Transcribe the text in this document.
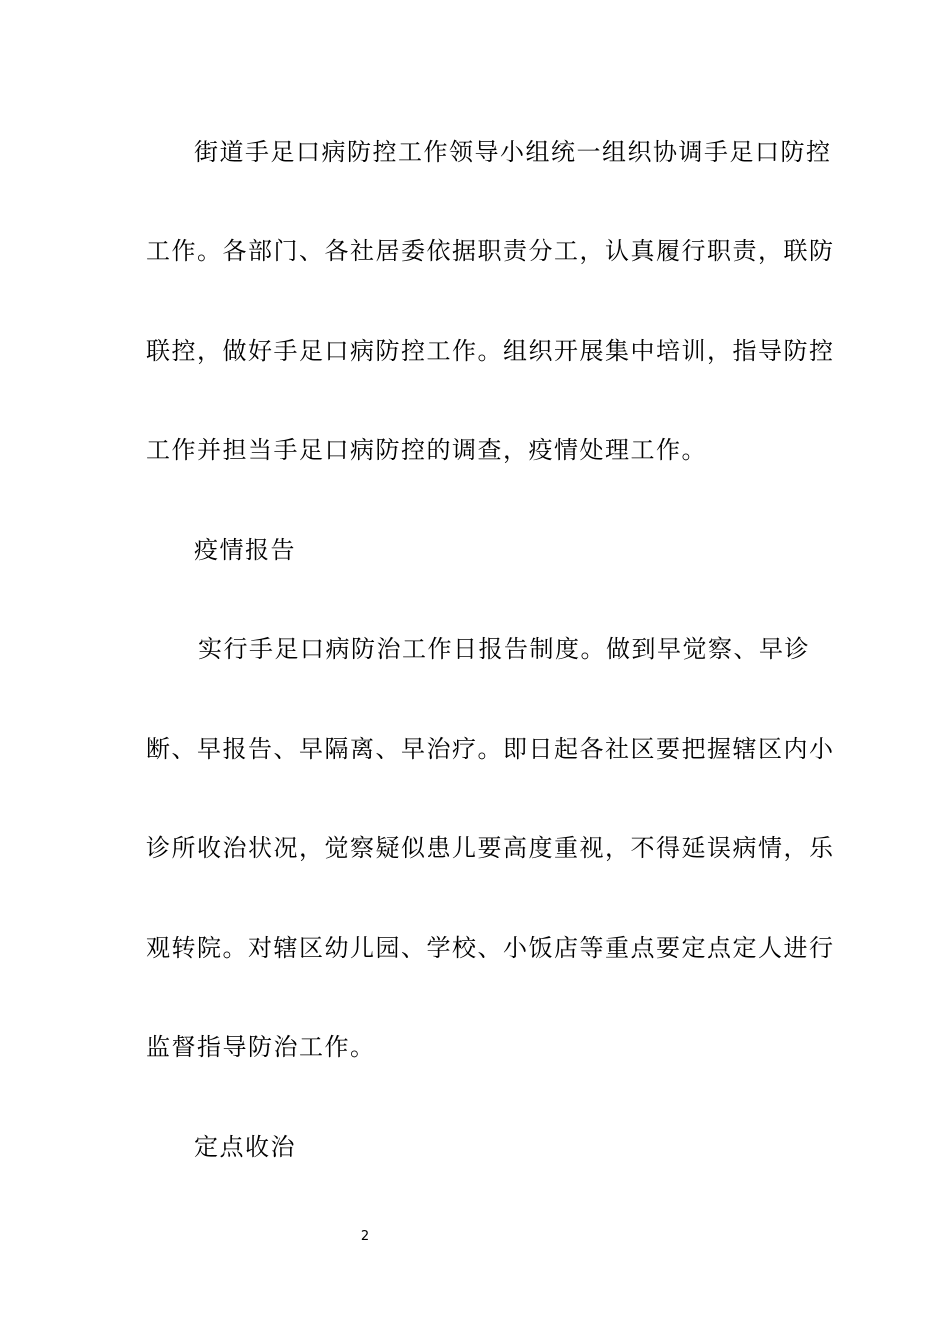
街道手足口病防控工作领导小组统一组织协调手足口防控
工作。各部门、各社居委依据职责分工，认真履行职责，联防
联控，做好手足口病防控工作。组织开展集中培训，指导防控
工作并担当手足口病防控的调查，疫情处理工作。
疫情报告
实行手足口病防治工作日报告制度。做到早觉察、早诊
断、早报告、早隔离、早治疗。即日起各社区要把握辖区内小
诊所收治状况，觉察疑似患儿要高度重视，不得延误病情，乐
观转院。对辖区幼儿园、学校、小饭店等重点要定点定人进行
监督指导防治工作。
定点收治
2
